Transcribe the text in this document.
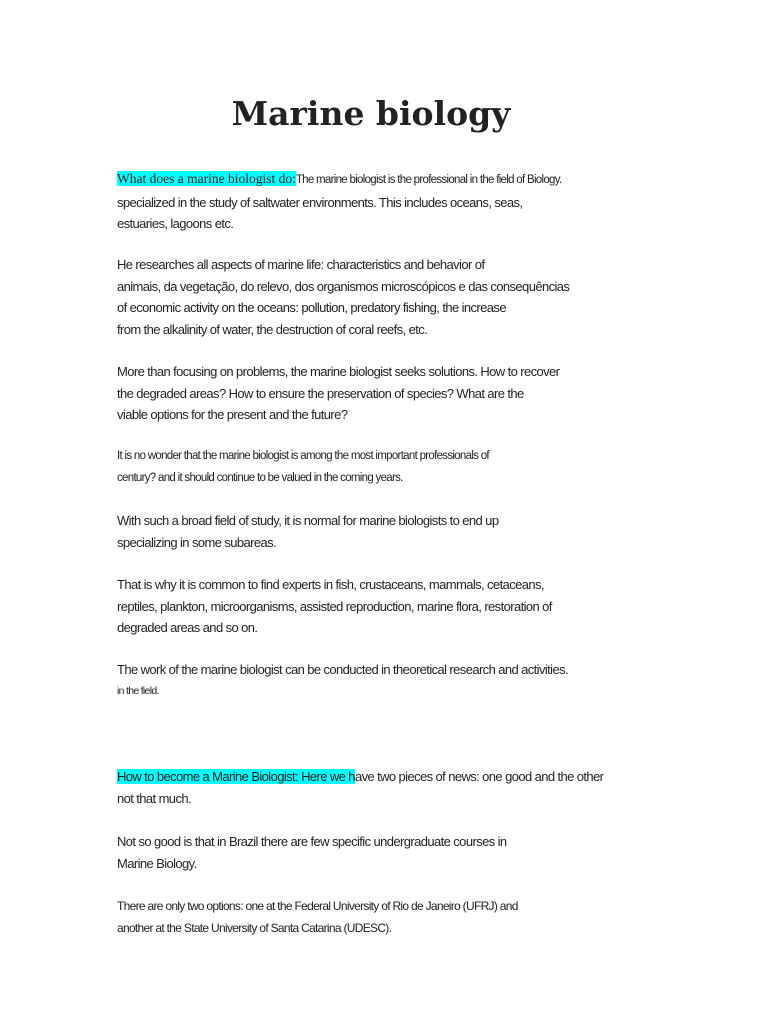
Marine biology
What does a marine biologist do:The marine biologist is the professional in the field of Biology.
specialized in the study of saltwater environments. This includes oceans, seas,
estuaries, lagoons etc.
He researches all aspects of marine life: characteristics and behavior of
animais, da vegetação, do relevo, dos organismos microscópicos e das consequências
of economic activity on the oceans: pollution, predatory fishing, the increase
from the alkalinity of water, the destruction of coral reefs, etc.
More than focusing on problems, the marine biologist seeks solutions. How to recover
the degraded areas? How to ensure the preservation of species? What are the
viable options for the present and the future?
It is no wonder that the marine biologist is among the most important professionals of
century? and it should continue to be valued in the coming years.
With such a broad field of study, it is normal for marine biologists to end up
specializing in some subareas.
That is why it is common to find experts in fish, crustaceans, mammals, cetaceans,
reptiles, plankton, microorganisms, assisted reproduction, marine flora, restoration of
degraded areas and so on.
The work of the marine biologist can be conducted in theoretical research and activities.
in the field.
How to become a Marine Biologist: Here we have two pieces of news: one good and the other
not that much.
Not so good is that in Brazil there are few specific undergraduate courses in
Marine Biology.
There are only two options: one at the Federal University of Rio de Janeiro (UFRJ) and
another at the State University of Santa Catarina (UDESC).
